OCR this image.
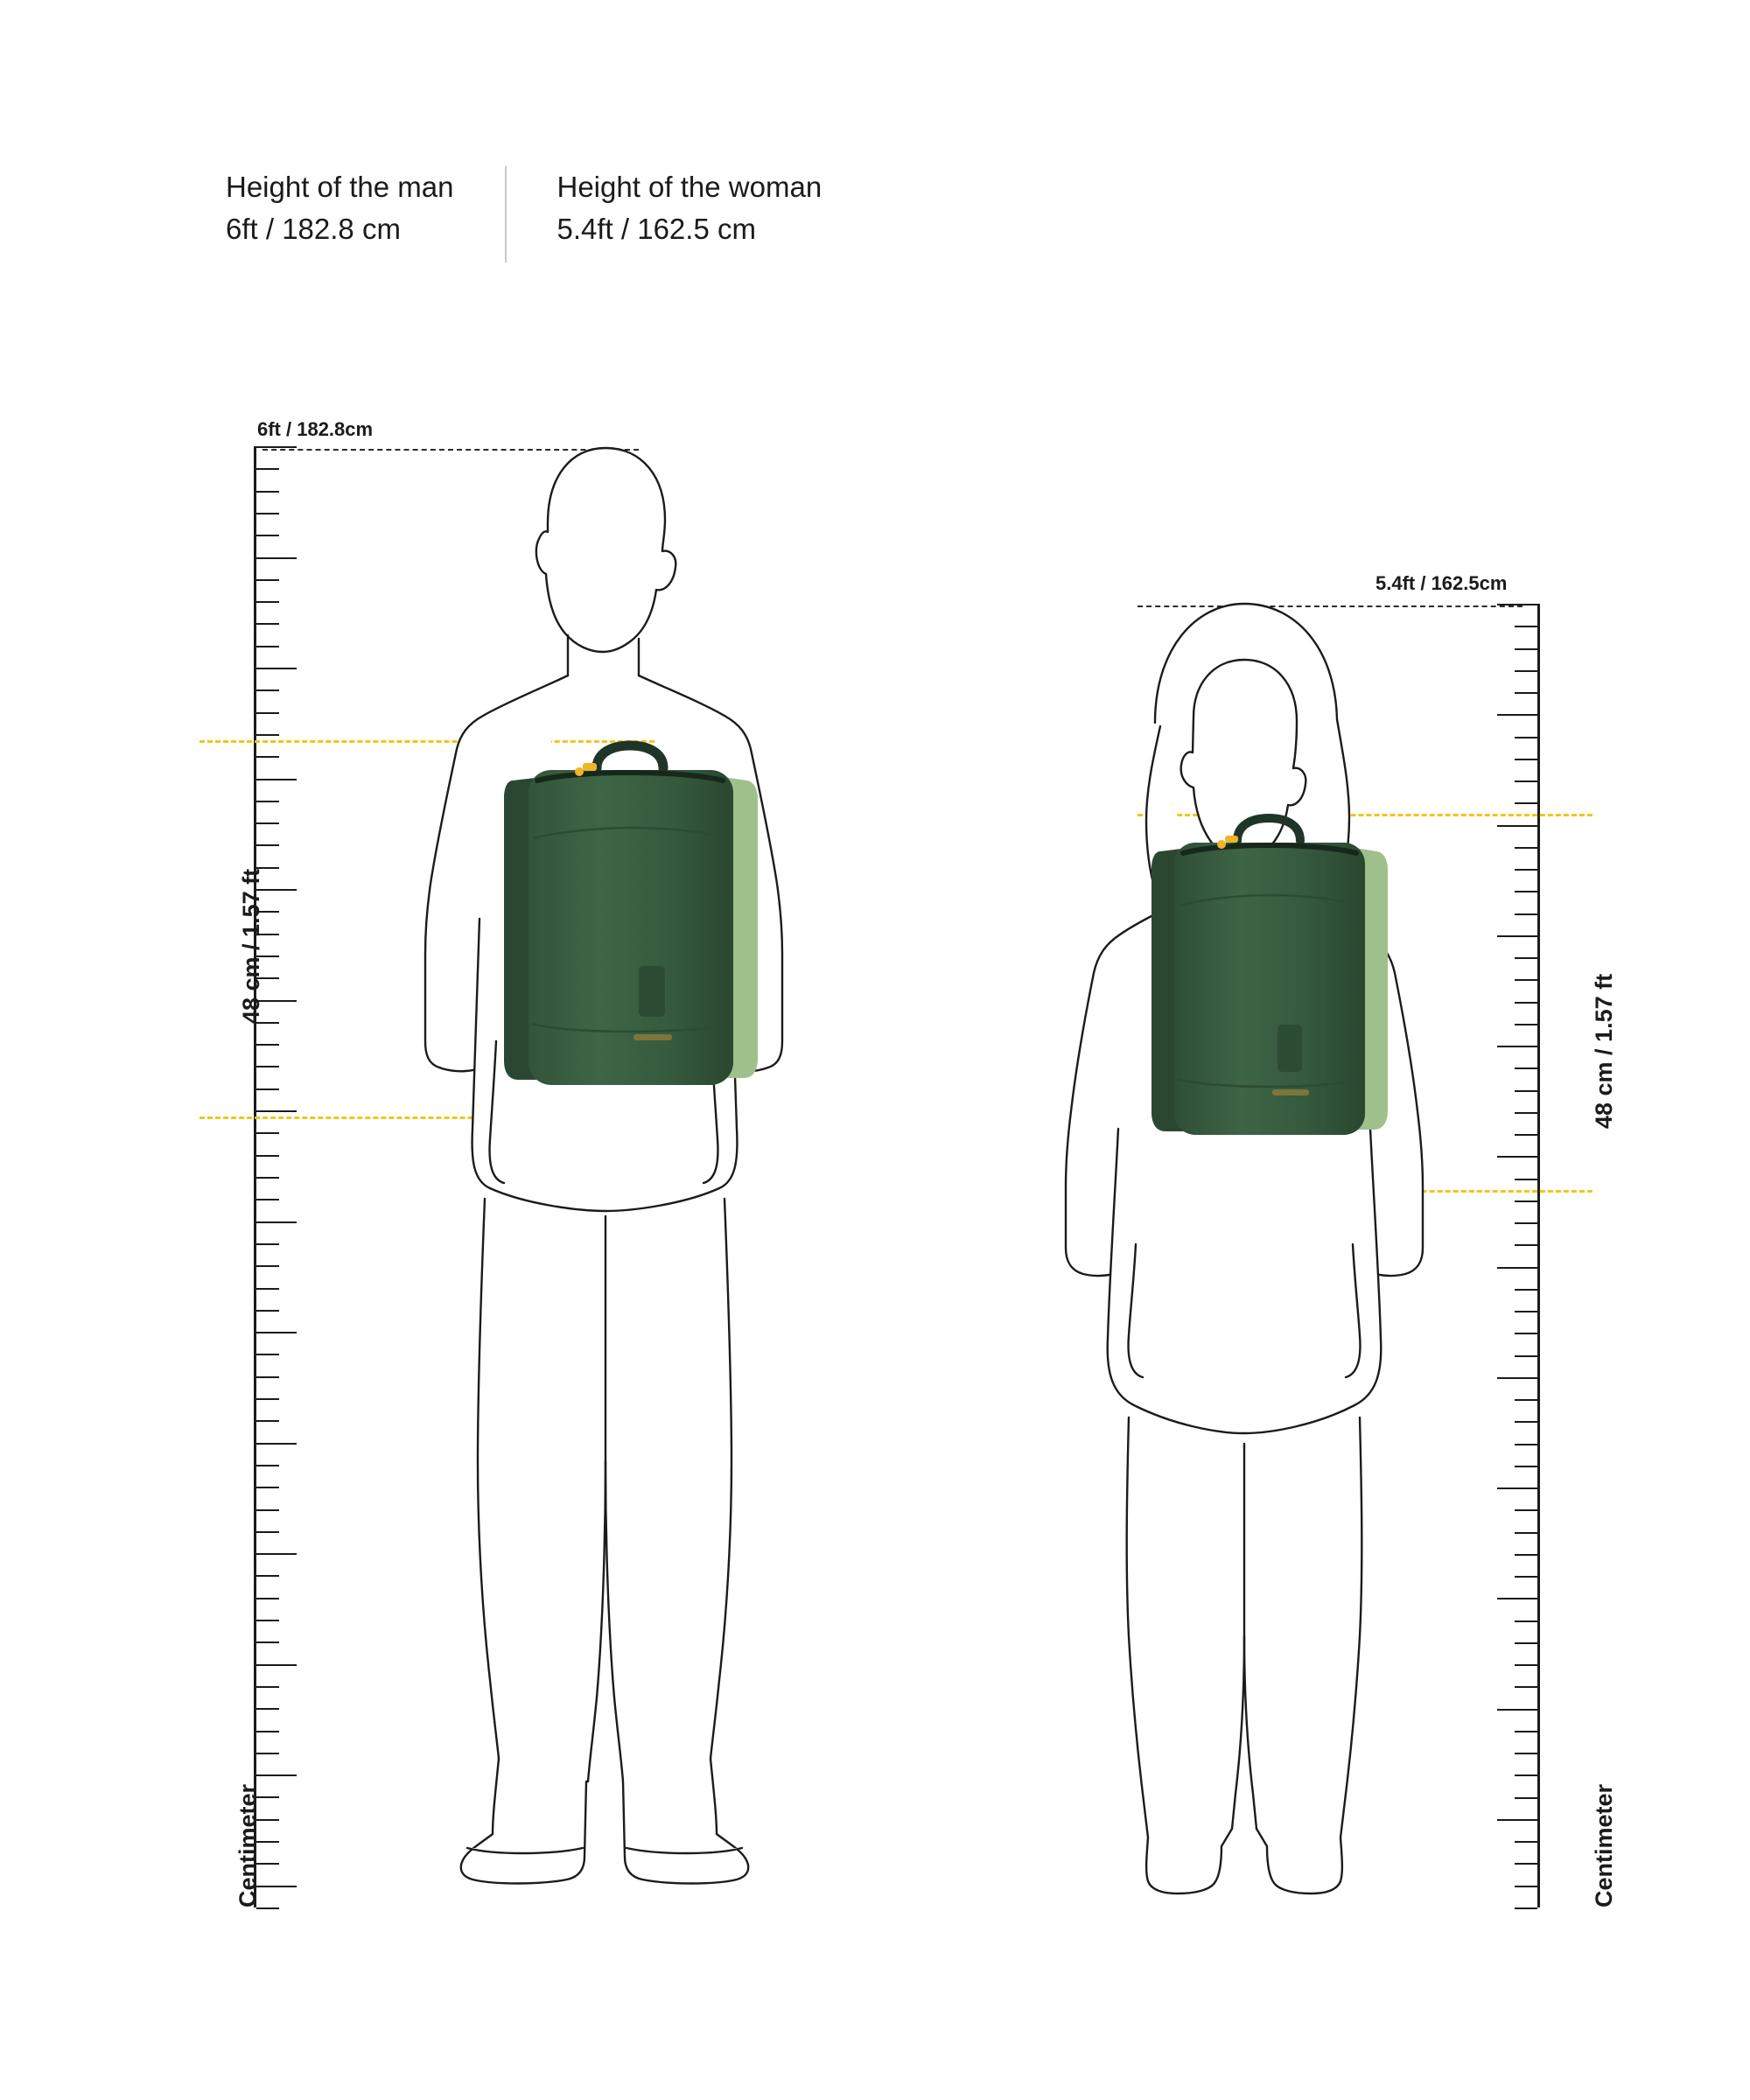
Height of the man
6ft / 182.8 cm
Height of the woman
5.4ft / 162.5 cm
6ft / 182.8cm
48 cm / 1.57 ft
Centimeter
5.4ft / 162.5cm
48 cm / 1.57 ft
Centimeter
